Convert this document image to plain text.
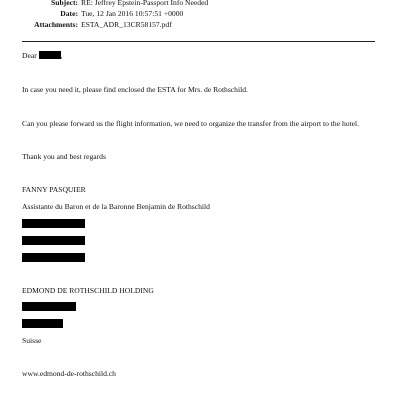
Subject: RE: Jeffrey Epstein-Passport Info Needed
Date: Tue, 12 Jan 2016 10:57:51 +0000
Attachments: ESTA_ADR_13CR58157.pdf
Dear	,
In case you need it, please find enclosed the ESTA for Mrs. de Rothschild.
Can you please forward us the flight information, we need to organize the transfer from the airport to the hotel.
Thank you and best regards
FANNY PASQUIER
Assistante du Baron et de la Baronne Benjamin de Rothschild
EDMOND DE ROTHSCHILD HOLDING
Suisse
www.edmond-de-rothschild.ch
